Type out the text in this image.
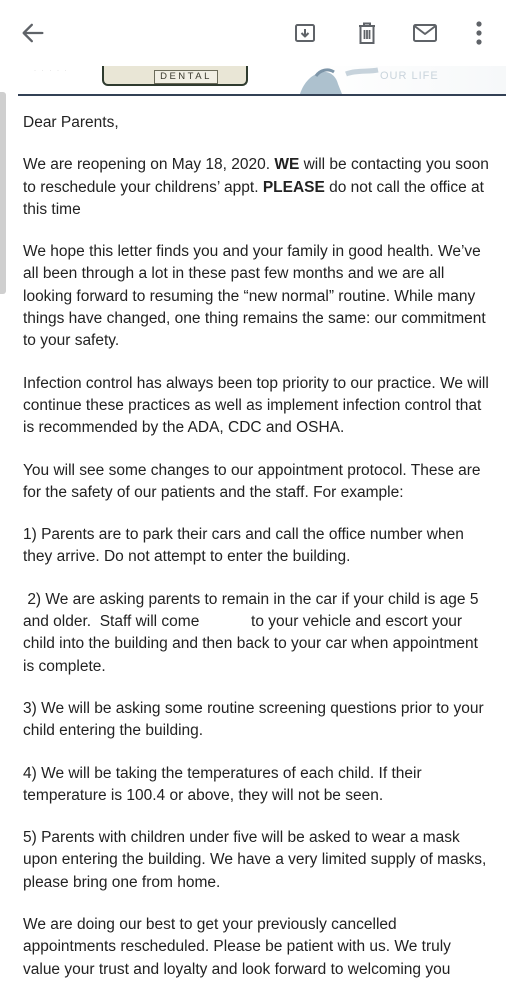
· · · · ·	DENTAL	OUR LIFE

Dear Parents,

We are reopening on May 18, 2020. WE will be contacting you soon to reschedule your childrens’ appt. PLEASE do not call the office at this time

We hope this letter finds you and your family in good health. We’ve all been through a lot in these past few months and we are all looking forward to resuming the “new normal” routine. While many things have changed, one thing remains the same: our commitment to your safety.

Infection control has always been top priority to our practice. We will continue these practices as well as implement infection control that is recommended by the ADA, CDC and OSHA.

You will see some changes to our appointment protocol. These are for the safety of our patients and the staff. For example:

1) Parents are to park their cars and call the office number when they arrive. Do not attempt to enter the building.

2) We are asking parents to remain in the car if your child is age 5 and older.  Staff will come            to your vehicle and escort your child into the building and then back to your car when appointment is complete.

3) We will be asking some routine screening questions prior to your child entering the building.

4) We will be taking the temperatures of each child. If their temperature is 100.4 or above, they will not be seen.

5) Parents with children under five will be asked to wear a mask upon entering the building. We have a very limited supply of masks, please bring one from home.

We are doing our best to get your previously cancelled appointments rescheduled. Please be patient with us. We truly value your trust and loyalty and look forward to welcoming you
